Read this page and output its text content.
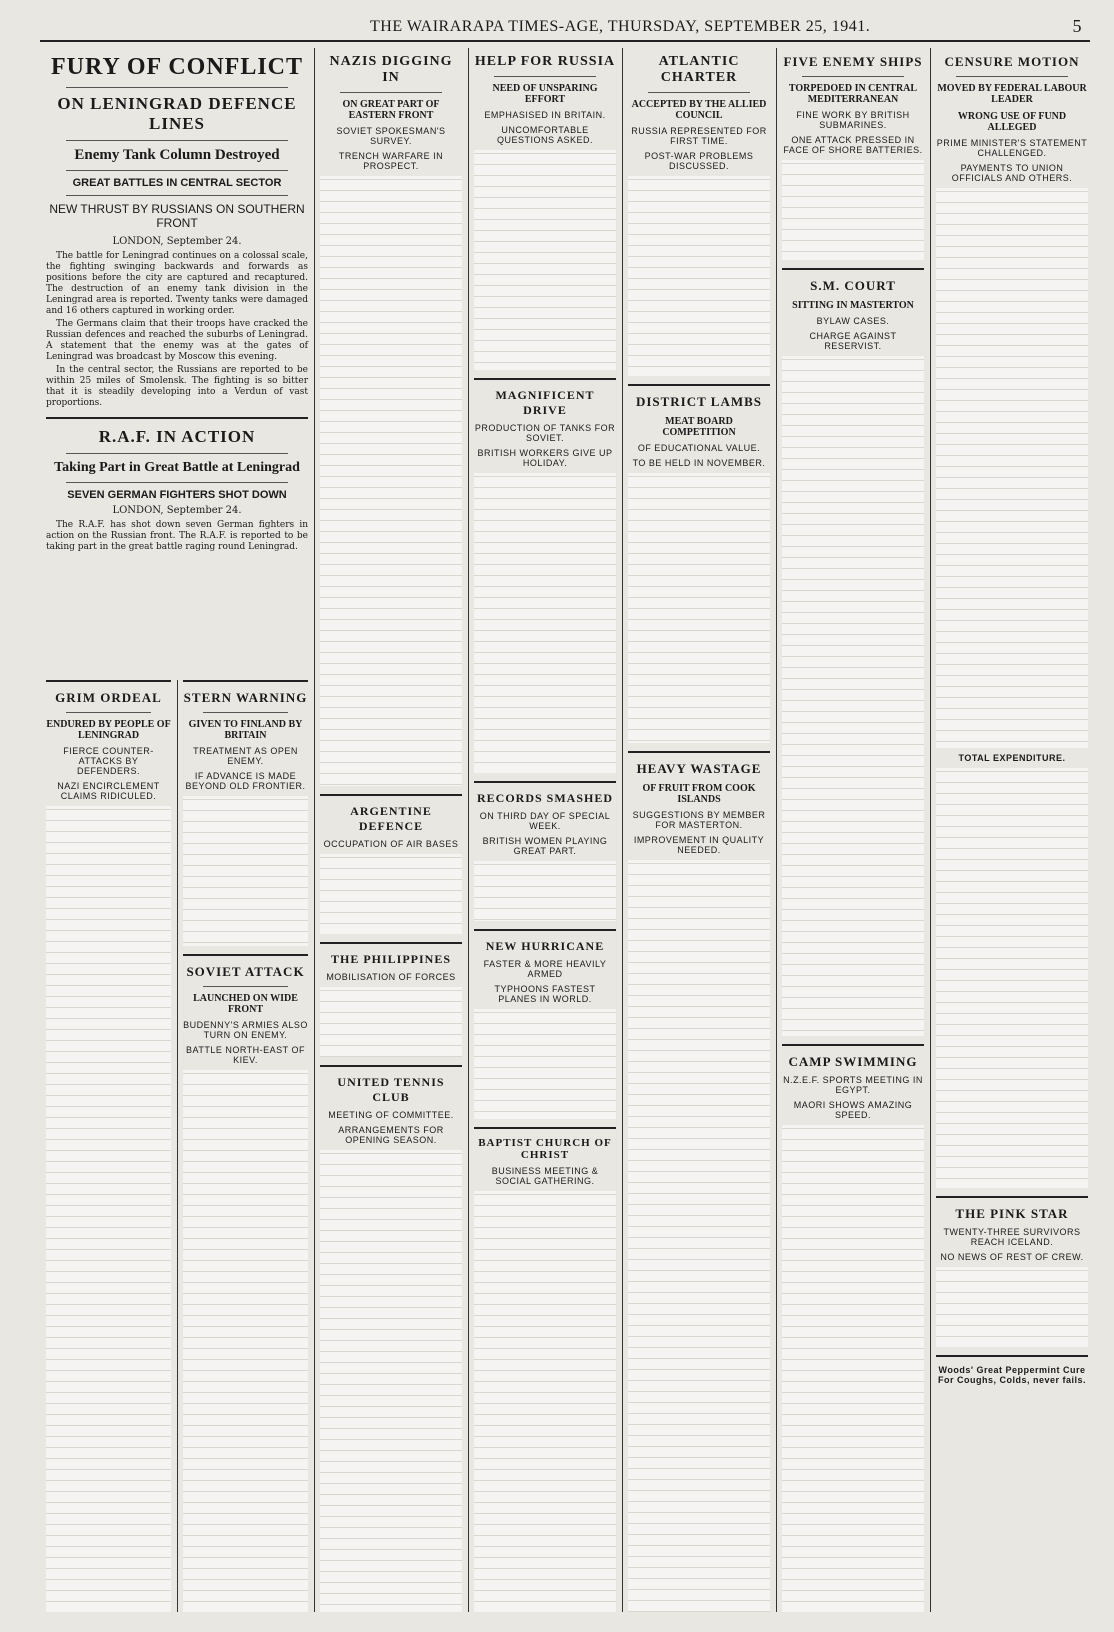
THE WAIRARAPA TIMES-AGE, THURSDAY, SEPTEMBER 25, 1941.	5
FURY OF CONFLICT
ON LENINGRAD DEFENCE LINES
Enemy Tank Column Destroyed
GREAT BATTLES IN CENTRAL SECTOR
NEW THRUST BY RUSSIANS ON SOUTHERN FRONT
LONDON, September 24.

The battle for Leningrad continues on a colossal scale, the fighting swinging backwards and forwards as positions before the city are captured and recaptured. The destruction of an enemy tank division in the Leningrad area is reported. Twenty tanks were damaged and 16 others captured in working order.

The Germans claim that their troops have cracked the Russian defences and reached the suburbs of Leningrad. A statement that the enemy was at the gates of Leningrad was broadcast by Moscow this evening.

In the central sector, the Russians are reported to be within 25 miles of Smolensk. The fighting is so bitter that it is steadily developing into a Verdun of vast proportions.

R.A.F. IN ACTION
Taking Part in Great Battle at Leningrad
SEVEN GERMAN FIGHTERS SHOT DOWN
LONDON, September 24.

The R.A.F. has shot down seven German fighters in action on the Russian front. The R.A.F. is reported to be taking part in the great battle raging round Leningrad.

GRIM ORDEAL
ENDURED BY PEOPLE OF LENINGRAD
FIERCE COUNTER-ATTACKS BY DEFENDERS.
NAZI ENCIRCLEMENT CLAIMS RIDICULED.
STERN WARNING
GIVEN TO FINLAND BY BRITAIN
TREATMENT AS OPEN ENEMY.
IF ADVANCE IS MADE BEYOND OLD FRONTIER.
SOVIET ATTACK
LAUNCHED ON WIDE FRONT
BUDENNY'S ARMIES ALSO TURN ON ENEMY.
BATTLE NORTH-EAST OF KIEV.
NAZIS DIGGING IN
ON GREAT PART OF EASTERN FRONT
SOVIET SPOKESMAN'S SURVEY.
TRENCH WARFARE IN PROSPECT.
ARGENTINE DEFENCE
OCCUPATION OF AIR BASES
THE PHILIPPINES
MOBILISATION OF FORCES
UNITED TENNIS CLUB
MEETING OF COMMITTEE.
ARRANGEMENTS FOR OPENING SEASON.
HELP FOR RUSSIA
NEED OF UNSPARING EFFORT
EMPHASISED IN BRITAIN.
UNCOMFORTABLE QUESTIONS ASKED.
MAGNIFICENT DRIVE
PRODUCTION OF TANKS FOR SOVIET.
BRITISH WORKERS GIVE UP HOLIDAY.
RECORDS SMASHED
ON THIRD DAY OF SPECIAL WEEK.
BRITISH WOMEN PLAYING GREAT PART.
NEW HURRICANE
FASTER & MORE HEAVILY ARMED
TYPHOONS FASTEST PLANES IN WORLD.
BAPTIST CHURCH OF CHRIST
BUSINESS MEETING & SOCIAL GATHERING.
ATLANTIC CHARTER
ACCEPTED BY THE ALLIED COUNCIL
RUSSIA REPRESENTED FOR FIRST TIME.
POST-WAR PROBLEMS DISCUSSED.
DISTRICT LAMBS
MEAT BOARD COMPETITION
OF EDUCATIONAL VALUE.
TO BE HELD IN NOVEMBER.
HEAVY WASTAGE
OF FRUIT FROM COOK ISLANDS
SUGGESTIONS BY MEMBER FOR MASTERTON.
IMPROVEMENT IN QUALITY NEEDED.
FIVE ENEMY SHIPS
TORPEDOED IN CENTRAL MEDITERRANEAN
FINE WORK BY BRITISH SUBMARINES.
ONE ATTACK PRESSED IN FACE OF SHORE BATTERIES.
S.M. COURT
SITTING IN MASTERTON
BYLAW CASES.
CHARGE AGAINST RESERVIST.
CAMP SWIMMING
N.Z.E.F. SPORTS MEETING IN EGYPT.
MAORI SHOWS AMAZING SPEED.
CENSURE MOTION
MOVED BY FEDERAL LABOUR LEADER
WRONG USE OF FUND ALLEGED
PRIME MINISTER'S STATEMENT CHALLENGED.
PAYMENTS TO UNION OFFICIALS AND OTHERS.
TOTAL EXPENDITURE.
THE PINK STAR
TWENTY-THREE SURVIVORS REACH ICELAND.
NO NEWS OF REST OF CREW.
Woods' Great Peppermint Cure For Coughs, Colds, never fails.
